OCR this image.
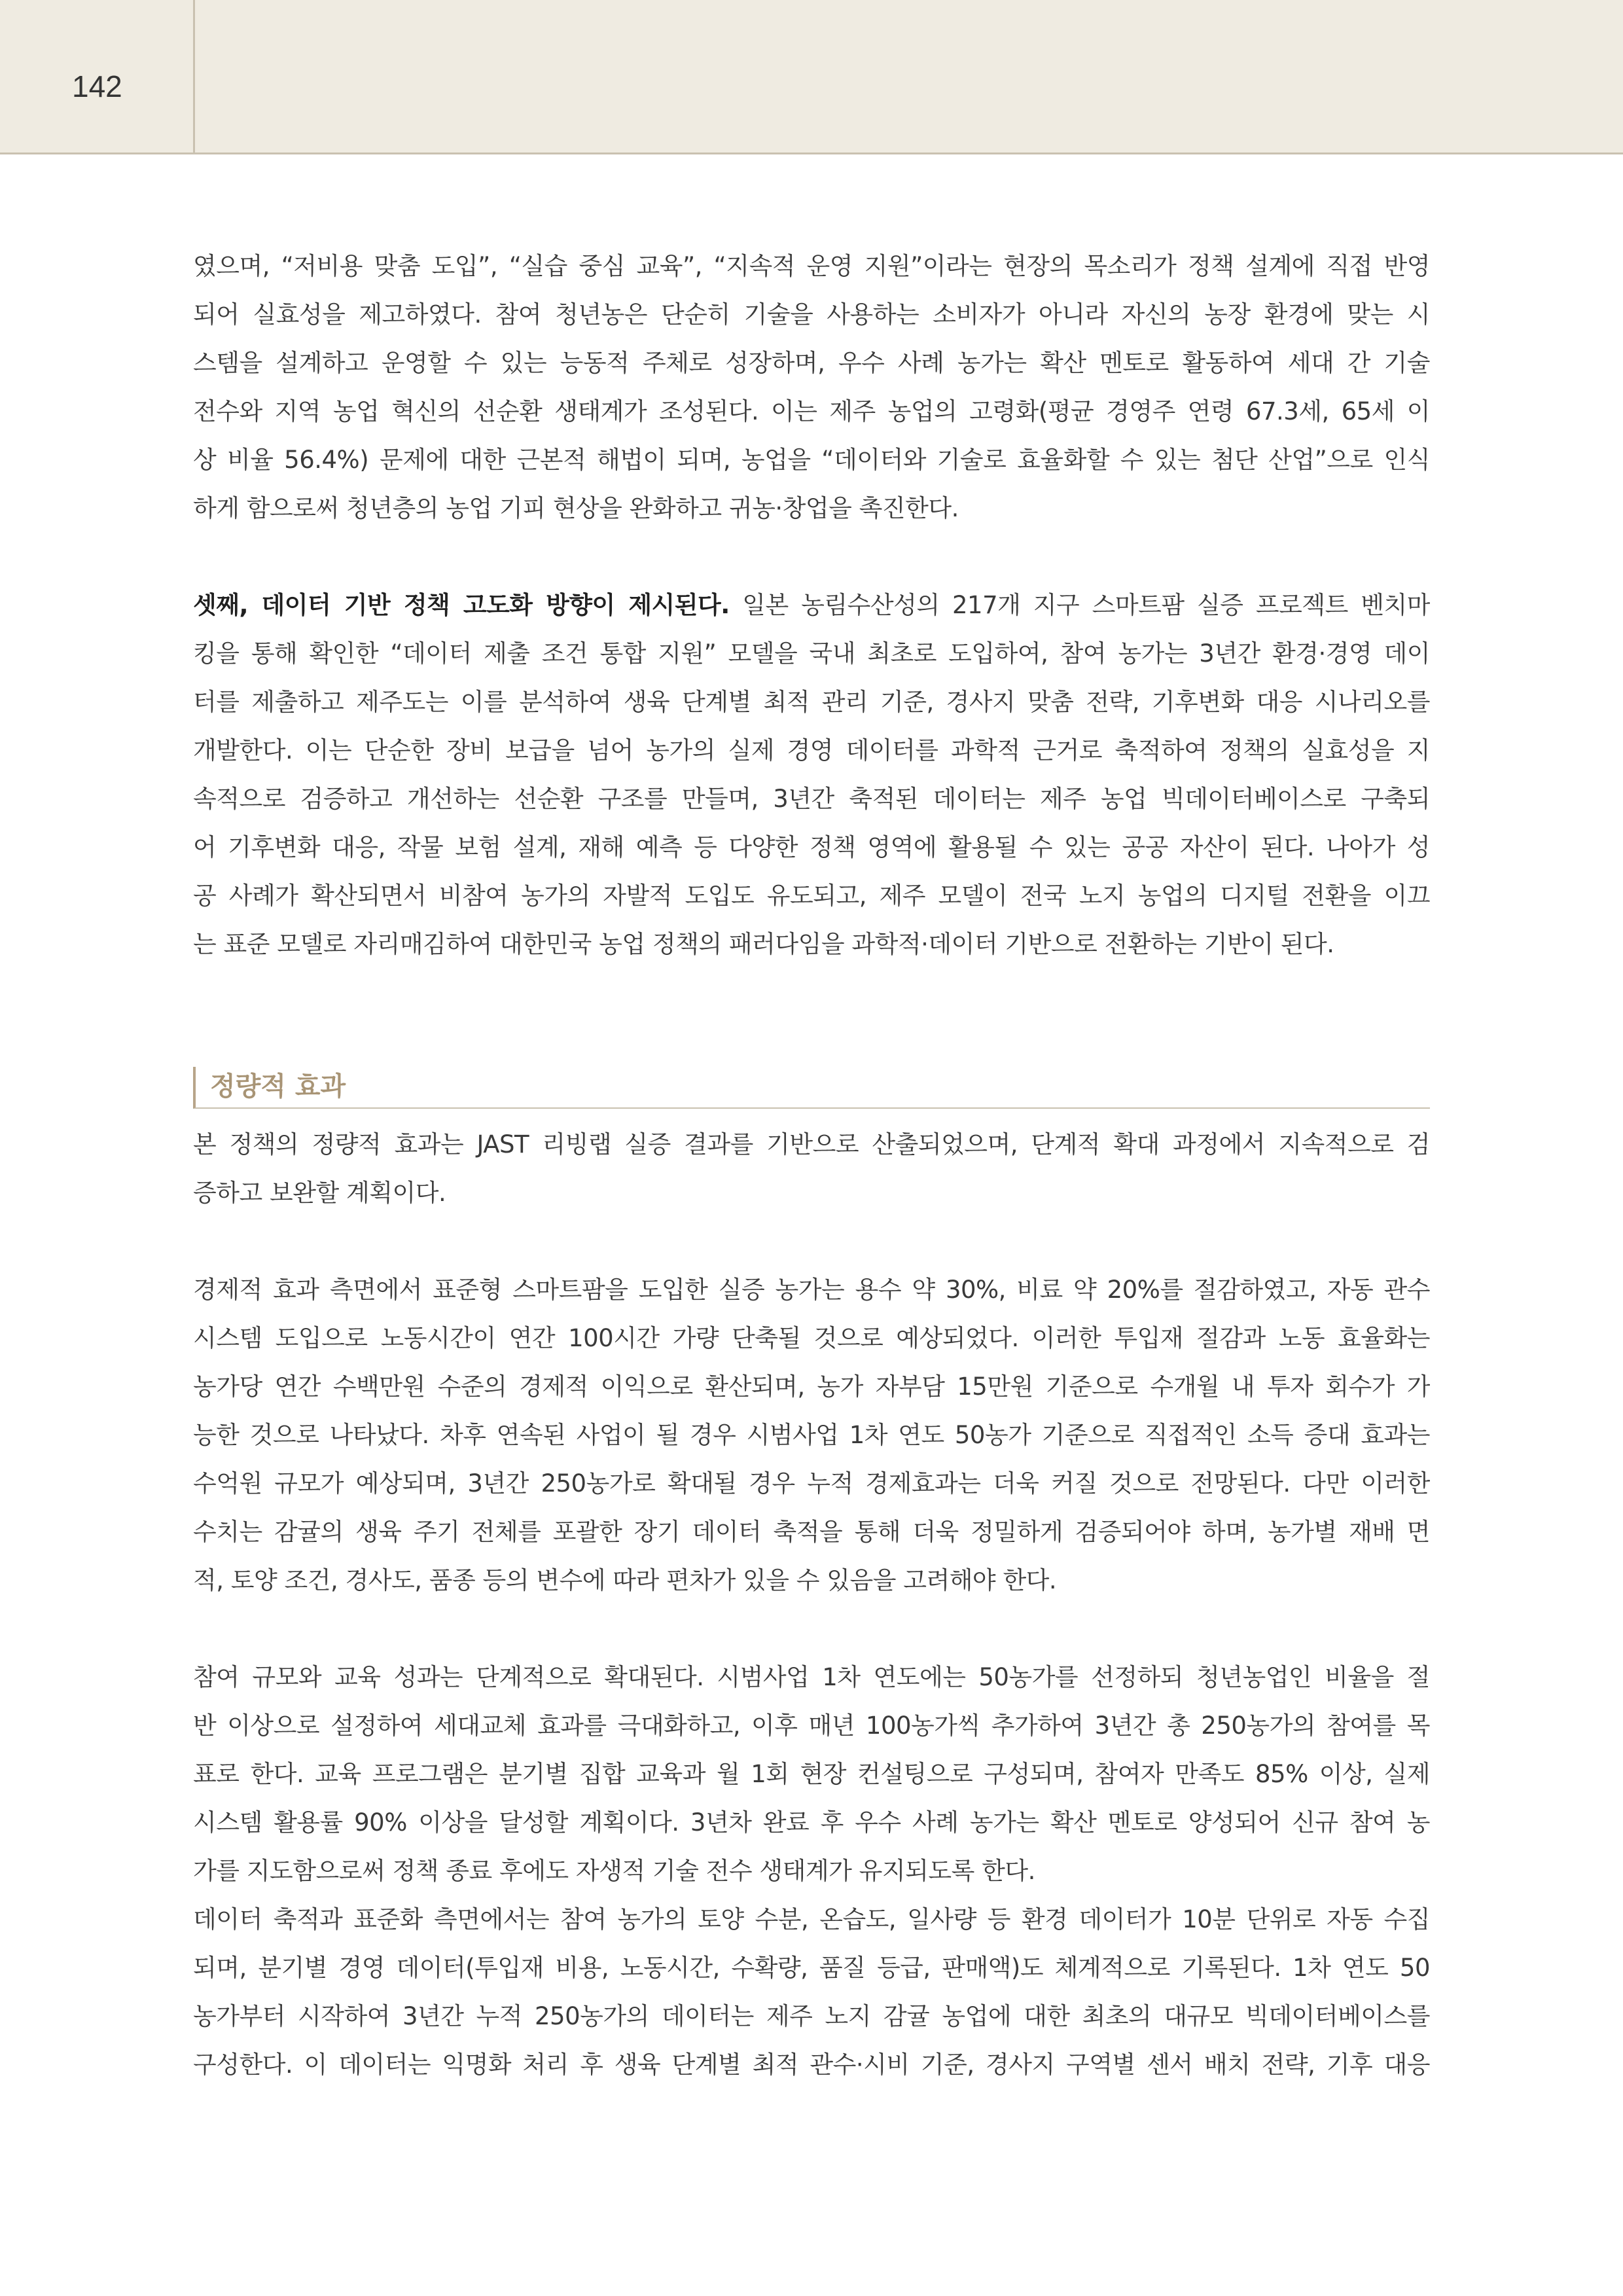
142
였으며, “저비용 맞춤 도입”, “실습 중심 교육”, “지속적 운영 지원”이라는 현장의 목소리가 정책 설계에 직접 반영
되어 실효성을 제고하였다. 참여 청년농은 단순히 기술을 사용하는 소비자가 아니라 자신의 농장 환경에 맞는 시
스템을 설계하고 운영할 수 있는 능동적 주체로 성장하며, 우수 사례 농가는 확산 멘토로 활동하여 세대 간 기술
전수와 지역 농업 혁신의 선순환 생태계가 조성된다. 이는 제주 농업의 고령화(평균 경영주 연령 67.3세, 65세 이
상 비율 56.4%) 문제에 대한 근본적 해법이 되며, 농업을 “데이터와 기술로 효율화할 수 있는 첨단 산업”으로 인식
하게 함으로써 청년층의 농업 기피 현상을 완화하고 귀농·창업을 촉진한다.
셋째, 데이터 기반 정책 고도화 방향이 제시된다. 일본 농림수산성의 217개 지구 스마트팜 실증 프로젝트 벤치마
킹을 통해 확인한 “데이터 제출 조건 통합 지원” 모델을 국내 최초로 도입하여, 참여 농가는 3년간 환경·경영 데이
터를 제출하고 제주도는 이를 분석하여 생육 단계별 최적 관리 기준, 경사지 맞춤 전략, 기후변화 대응 시나리오를
개발한다. 이는 단순한 장비 보급을 넘어 농가의 실제 경영 데이터를 과학적 근거로 축적하여 정책의 실효성을 지
속적으로 검증하고 개선하는 선순환 구조를 만들며, 3년간 축적된 데이터는 제주 농업 빅데이터베이스로 구축되
어 기후변화 대응, 작물 보험 설계, 재해 예측 등 다양한 정책 영역에 활용될 수 있는 공공 자산이 된다. 나아가 성
공 사례가 확산되면서 비참여 농가의 자발적 도입도 유도되고, 제주 모델이 전국 노지 농업의 디지털 전환을 이끄
는 표준 모델로 자리매김하여 대한민국 농업 정책의 패러다임을 과학적·데이터 기반으로 전환하는 기반이 된다.
정량적 효과
본 정책의 정량적 효과는 JAST 리빙랩 실증 결과를 기반으로 산출되었으며, 단계적 확대 과정에서 지속적으로 검
증하고 보완할 계획이다.
경제적 효과 측면에서 표준형 스마트팜을 도입한 실증 농가는 용수 약 30%, 비료 약 20%를 절감하였고, 자동 관수
시스템 도입으로 노동시간이 연간 100시간 가량 단축될 것으로 예상되었다. 이러한 투입재 절감과 노동 효율화는
농가당 연간 수백만원 수준의 경제적 이익으로 환산되며, 농가 자부담 15만원 기준으로 수개월 내 투자 회수가 가
능한 것으로 나타났다. 차후 연속된 사업이 될 경우 시범사업 1차 연도 50농가 기준으로 직접적인 소득 증대 효과는
수억원 규모가 예상되며, 3년간 250농가로 확대될 경우 누적 경제효과는 더욱 커질 것으로 전망된다. 다만 이러한
수치는 감귤의 생육 주기 전체를 포괄한 장기 데이터 축적을 통해 더욱 정밀하게 검증되어야 하며, 농가별 재배 면
적, 토양 조건, 경사도, 품종 등의 변수에 따라 편차가 있을 수 있음을 고려해야 한다.
참여 규모와 교육 성과는 단계적으로 확대된다. 시범사업 1차 연도에는 50농가를 선정하되 청년농업인 비율을 절
반 이상으로 설정하여 세대교체 효과를 극대화하고, 이후 매년 100농가씩 추가하여 3년간 총 250농가의 참여를 목
표로 한다. 교육 프로그램은 분기별 집합 교육과 월 1회 현장 컨설팅으로 구성되며, 참여자 만족도 85% 이상, 실제
시스템 활용률 90% 이상을 달성할 계획이다. 3년차 완료 후 우수 사례 농가는 확산 멘토로 양성되어 신규 참여 농
가를 지도함으로써 정책 종료 후에도 자생적 기술 전수 생태계가 유지되도록 한다.
데이터 축적과 표준화 측면에서는 참여 농가의 토양 수분, 온습도, 일사량 등 환경 데이터가 10분 단위로 자동 수집
되며, 분기별 경영 데이터(투입재 비용, 노동시간, 수확량, 품질 등급, 판매액)도 체계적으로 기록된다. 1차 연도 50
농가부터 시작하여 3년간 누적 250농가의 데이터는 제주 노지 감귤 농업에 대한 최초의 대규모 빅데이터베이스를
구성한다. 이 데이터는 익명화 처리 후 생육 단계별 최적 관수·시비 기준, 경사지 구역별 센서 배치 전략, 기후 대응
